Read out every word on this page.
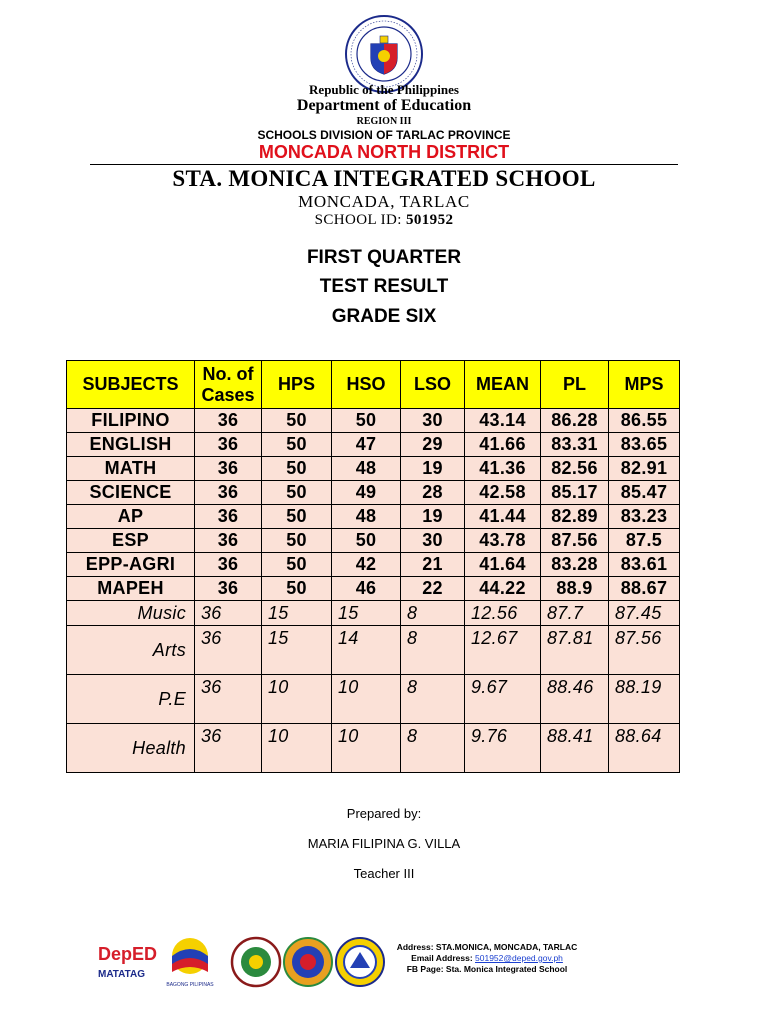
Republic of the Philippines
Department of Education
REGION III
SCHOOLS DIVISION OF TARLAC PROVINCE
MONCADA NORTH DISTRICT
STA. MONICA INTEGRATED SCHOOL
MONCADA, TARLAC
SCHOOL ID: 501952
FIRST QUARTER
TEST RESULT
GRADE SIX
SUBJECTS	No. of Cases	HPS	HSO	LSO	MEAN	PL	MPS
FILIPINO	36	50	50	30	43.14	86.28	86.55
ENGLISH	36	50	47	29	41.66	83.31	83.65
MATH	36	50	48	19	41.36	82.56	82.91
SCIENCE	36	50	49	28	42.58	85.17	85.47
AP	36	50	48	19	41.44	82.89	83.23
ESP	36	50	50	30	43.78	87.56	87.5
EPP-AGRI	36	50	42	21	41.64	83.28	83.61
MAPEH	36	50	46	22	44.22	88.9	88.67
Music	36	15	15	8	12.56	87.7	87.45
Arts	36	15	14	8	12.67	87.81	87.56
P.E	36	10	10	8	9.67	88.46	88.19
Health	36	10	10	8	9.76	88.41	88.64
Prepared by:
MARIA FILIPINA G. VILLA
Teacher III
DepED
MATATAG
BAGONG PILIPINAS
Address: STA.MONICA, MONCADA, TARLAC
Email Address: 501952@deped.gov.ph
FB Page: Sta. Monica Integrated School
